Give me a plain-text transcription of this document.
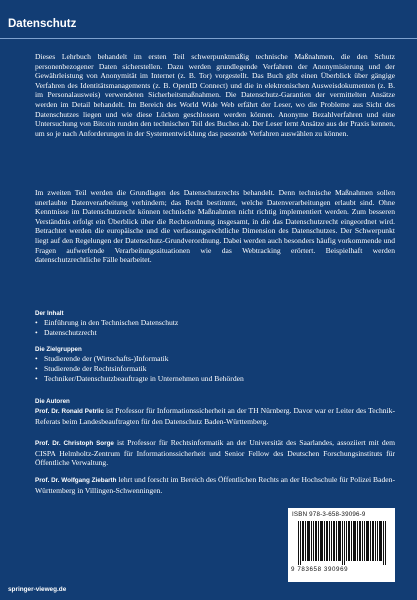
Datenschutz
Dieses Lehrbuch behandelt im ersten Teil schwerpunktmäßig technische Maßnahmen, die den Schutz personenbezogener Daten sicherstellen. Dazu werden grundlegende Verfahren der Anonymisierung und der Gewährleistung von Anonymität im Internet (z. B. Tor) vorgestellt. Das Buch gibt einen Überblick über gängige Verfahren des Identitätsmanagements (z. B. OpenID Connect) und die in elektronischen Ausweisdokumenten (z. B. im Personalausweis) verwendeten Sicherheitsmaßnahmen. Die Datenschutz-Garantien der vermittelten Ansätze werden im Detail behandelt. Im Bereich des World Wide Web erfährt der Leser, wo die Probleme aus Sicht des Datenschutzes liegen und wie diese Lücken geschlossen werden können. Anonyme Bezahlverfahren und eine Untersuchung von Bitcoin runden den technischen Teil des Buches ab. Der Leser lernt Ansätze aus der Praxis kennen, um so je nach Anforderungen in der Systementwicklung das passende Verfahren auswählen zu können.
Im zweiten Teil werden die Grundlagen des Datenschutzrechts behandelt. Denn technische Maßnahmen sollen unerlaubte Datenverarbeitung verhindern; das Recht bestimmt, welche Datenverarbeitungen erlaubt sind. Ohne Kenntnisse im Datenschutzrecht können technische Maßnahmen nicht richtig implementiert werden. Zum besseren Verständnis erfolgt ein Überblick über die Rechtsordnung insgesamt, in die das Datenschutzrecht eingeordnet wird. Betrachtet werden die europäische und die verfassungsrechtliche Dimension des Datenschutzes. Der Schwerpunkt liegt auf den Regelungen der Datenschutz-Grundverordnung. Dabei werden auch besonders häufig vorkommende und Fragen aufwerfende Verarbeitungssituationen wie das Webtracking erörtert. Beispielhaft werden datenschutzrechtliche Fälle bearbeitet.
Der Inhalt
• Einführung in den Technischen Datenschutz
• Datenschutzrecht
Die Zielgruppen
• Studierende der (Wirtschafts-)Informatik
• Studierende der Rechtsinformatik
• Techniker/Datenschutzbeauftragte in Unternehmen und Behörden
Die Autoren
Prof. Dr. Ronald Petrlic ist Professor für Informationssicherheit an der TH Nürnberg. Davor war er Leiter des Technik-Referats beim Landesbeauftragten für den Datenschutz Baden-Württemberg.
Prof. Dr. Christoph Sorge ist Professor für Rechtsinformatik an der Universität des Saarlandes, assoziiert mit dem CISPA Helmholtz-Zentrum für Informationssicherheit und Senior Fellow des Deutschen Forschungsinstituts für Öffentliche Verwaltung.
Prof. Dr. Wolfgang Ziebarth lehrt und forscht im Bereich des Öffentlichen Rechts an der Hochschule für Polizei Baden-Württemberg in Villingen-Schwenningen.
ISBN 978-3-658-39096-9
9 783658 390969
springer-vieweg.de
